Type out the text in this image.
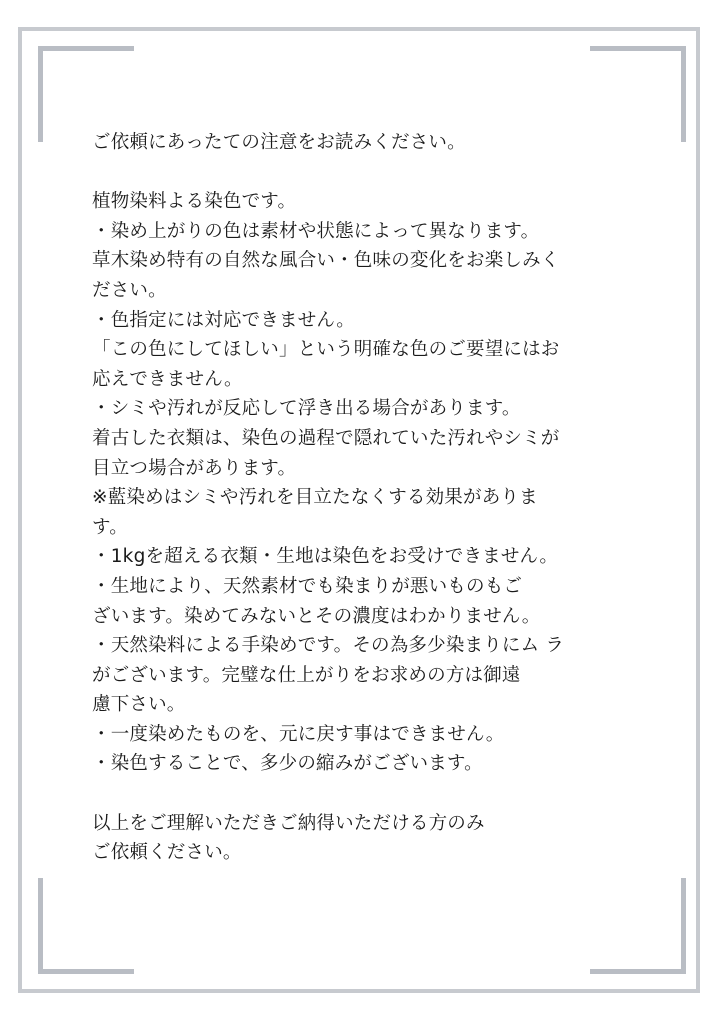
ご依頼にあったての注意をお読みください。
植物染料よる染色です。
・染め上がりの色は素材や状態によって異なります。
草木染め特有の自然な風合い・色味の変化をお楽しみく
ださい。
・色指定には対応できません。
「この色にしてほしい」という明確な色のご要望にはお
応えできません。
・シミや汚れが反応して浮き出る場合があります。
着古した衣類は、染色の過程で隠れていた汚れやシミが
目立つ場合があります。
※藍染めはシミや汚れを目立たなくする効果がありま
す。
・1kgを超える衣類・生地は染色をお受けできません。
・生地により、天然素材でも染まりが悪いものもご
ざいます。染めてみないとその濃度はわかりません。
・天然染料による手染めです。その為多少染まりにム ラ
がございます。完璧な仕上がりをお求めの方は御遠
慮下さい。
・一度染めたものを、元に戻す事はできません。
・染色することで、多少の縮みがございます。
以上をご理解いただきご納得いただける方のみ
ご依頼ください。
